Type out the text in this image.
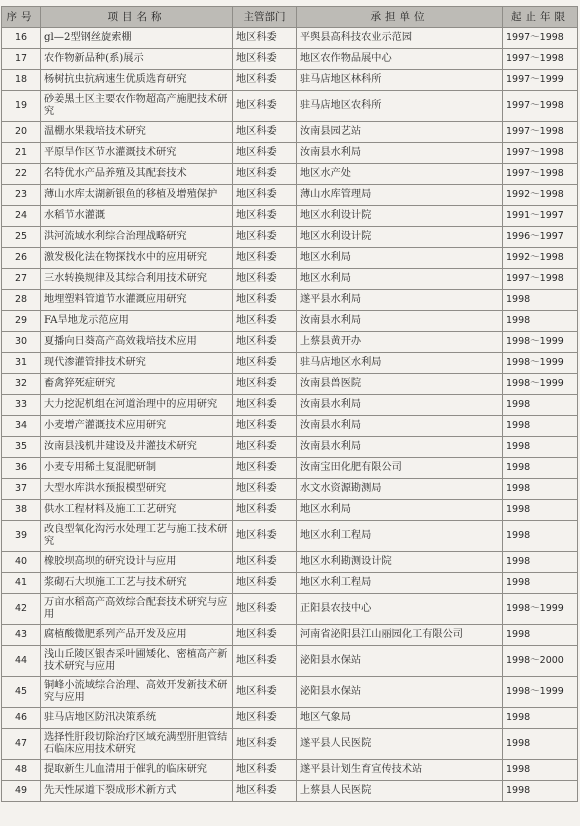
序号	项目名称	主管部门	承担单位	起止年限
16	gl—2型钢丝旋索棚	地区科委	平舆县高科技农业示范园	1997～1998
17	农作物新品种(系)展示	地区科委	地区农作物品展中心	1997～1998
18	杨树抗虫抗病速生优质选育研究	地区科委	驻马店地区林科所	1997～1999
19	砂姜黑土区主要农作物超高产施肥技术研究	地区科委	驻马店地区农科所	1997～1998
20	温棚水果栽培技术研究	地区科委	汝南县园艺站	1997～1998
21	平原旱作区节水灌溉技术研究	地区科委	汝南县水利局	1997～1998
22	名特优水产品养殖及其配套技术	地区科委	地区水产处	1997～1998
23	薄山水库太湖新银鱼的移植及增殖保护	地区科委	薄山水库管理局	1992～1998
24	水稻节水灌溉	地区科委	地区水利设计院	1991～1997
25	洪河流域水利综合治理战略研究	地区科委	地区水利设计院	1996～1997
26	激发极化法在物探找水中的应用研究	地区科委	地区水利局	1992～1998
27	三水转换规律及其综合利用技术研究	地区科委	地区水利局	1997～1998
28	地埋塑料管道节水灌溉应用研究	地区科委	遂平县水利局	1998
29	FA旱地龙示范应用	地区科委	汝南县水利局	1998
30	夏播向日葵高产高效栽培技术应用	地区科委	上蔡县黄开办	1998～1999
31	现代渗灌管排技术研究	地区科委	驻马店地区水利局	1998～1999
32	畜禽猝死症研究	地区科委	汝南县兽医院	1998～1999
33	大力挖泥机组在河道治理中的应用研究	地区科委	汝南县水利局	1998
34	小麦增产灌溉技术应用研究	地区科委	汝南县水利局	1998
35	汝南县浅机井建设及井灌技术研究	地区科委	汝南县水利局	1998
36	小麦专用稀土复混肥研制	地区科委	汝南宝田化肥有限公司	1998
37	大型水库洪水预报模型研究	地区科委	水文水资源勘测局	1998
38	供水工程材料及施工工艺研究	地区科委	地区水利局	1998
39	改良型氧化沟污水处理工艺与施工技术研究	地区科委	地区水利工程局	1998
40	橡胶坝高坝的研究设计与应用	地区科委	地区水利勘测设计院	1998
41	浆砌石大坝施工工艺与技术研究	地区科委	地区水利工程局	1998
42	万亩水稻高产高效综合配套技术研究与应用	地区科委	正阳县农技中心	1998～1999
43	腐植酸微肥系列产品开发及应用	地区科委	河南省泌阳县江山丽园化工有限公司	1998
44	浅山丘陵区银杏采叶圃矮化、密植高产新技术研究与应用	地区科委	泌阳县水保站	1998～2000
45	铜峰小流域综合治理、高效开发新技术研究与应用	地区科委	泌阳县水保站	1998～1999
46	驻马店地区防汛决策系统	地区科委	地区气象局	1998
47	选择性肝段切除治疗区域充满型肝胆管结石临床应用技术研究	地区科委	遂平县人民医院	1998
48	提取新生儿血清用于催乳的临床研究	地区科委	遂平县计划生育宣传技术站	1998
49	先天性尿道下裂成形术新方式	地区科委	上蔡县人民医院	1998
